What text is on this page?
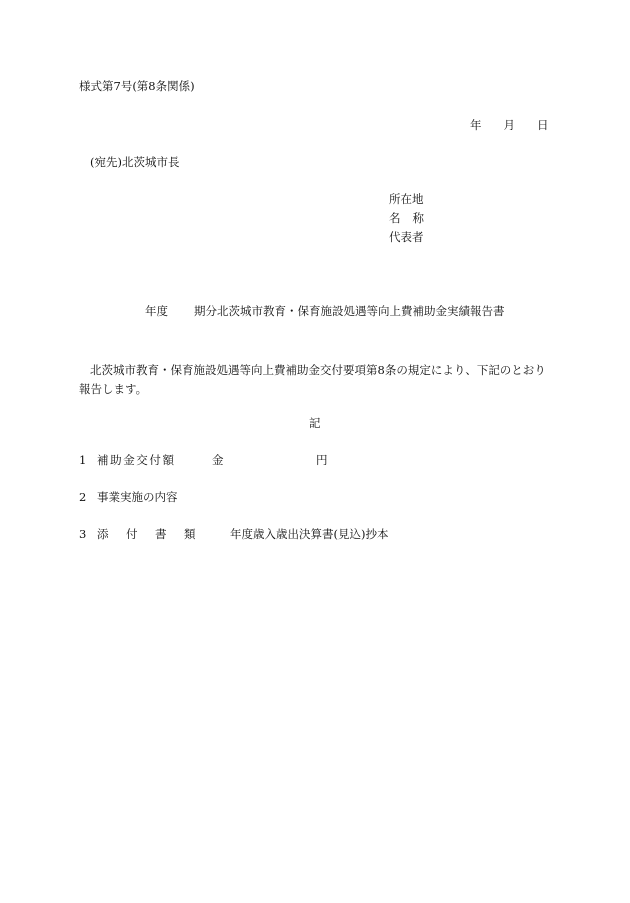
様式第7号(第8条関係)
年 月 日
(宛先)北茨城市長
所在地
名 称
代表者
年度 期分北茨城市教育・保育施設処遇等向上費補助金実績報告書
北茨城市教育・保育施設処遇等向上費補助金交付要項第8条の規定により、下記のとおり報告します。
記
1 補助金交付額	金	円
2 事業実施の内容
3 添 付 書 類	年度歳入歳出決算書(見込)抄本
